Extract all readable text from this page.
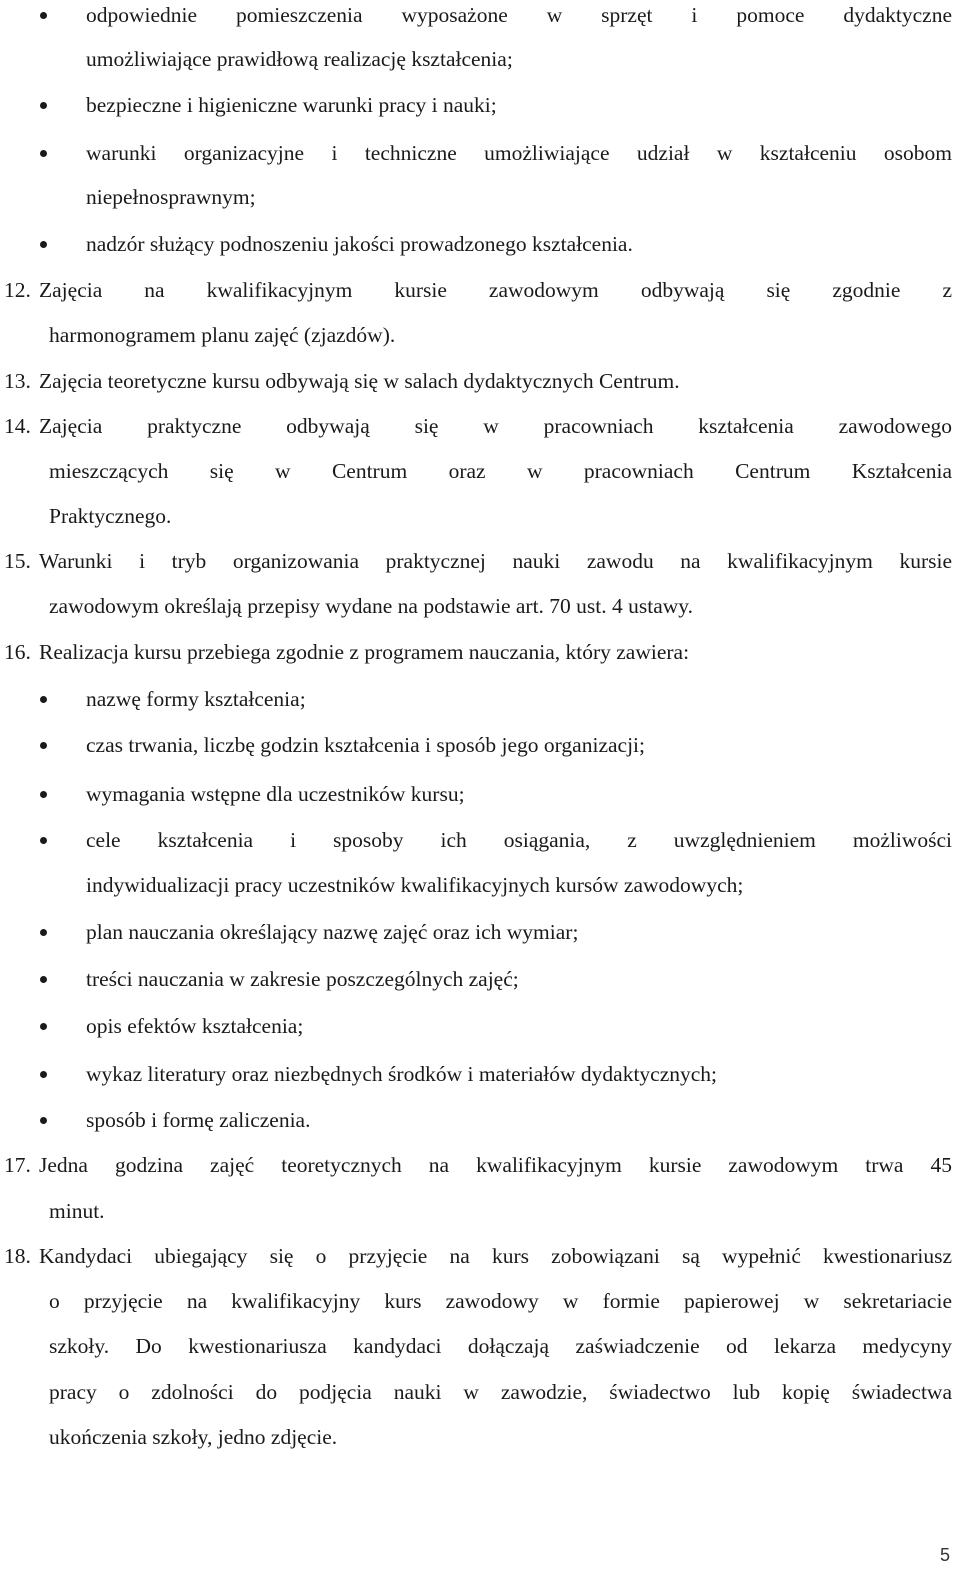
odpowiednie pomieszczenia wyposażone w sprzęt i pomoce dydaktyczne
umożliwiające prawidłową realizację kształcenia;
bezpieczne i higieniczne warunki pracy i nauki;
warunki organizacyjne i techniczne umożliwiające udział w kształceniu osobom
niepełnosprawnym;
nadzór służący podnoszeniu jakości prowadzonego kształcenia.
12. Zajęcia na kwalifikacyjnym kursie zawodowym odbywają się zgodnie z
harmonogramem planu zajęć (zjazdów).
13. Zajęcia teoretyczne kursu odbywają się w salach dydaktycznych Centrum.
14. Zajęcia praktyczne odbywają się w pracowniach kształcenia zawodowego
mieszczących się w Centrum oraz w pracowniach Centrum Kształcenia
Praktycznego.
15. Warunki i tryb organizowania praktycznej nauki zawodu na kwalifikacyjnym kursie
zawodowym określają przepisy wydane na podstawie art. 70 ust. 4 ustawy.
16. Realizacja kursu przebiega zgodnie z programem nauczania, który zawiera:
nazwę formy kształcenia;
czas trwania, liczbę godzin kształcenia i sposób jego organizacji;
wymagania wstępne dla uczestników kursu;
cele kształcenia i sposoby ich osiągania, z uwzględnieniem możliwości
indywidualizacji pracy uczestników kwalifikacyjnych kursów zawodowych;
plan nauczania określający nazwę zajęć oraz ich wymiar;
treści nauczania w zakresie poszczególnych zajęć;
opis efektów kształcenia;
wykaz literatury oraz niezbędnych środków i materiałów dydaktycznych;
sposób i formę zaliczenia.
17. Jedna godzina zajęć teoretycznych na kwalifikacyjnym kursie zawodowym trwa 45
minut.
18. Kandydaci ubiegający się o przyjęcie na kurs zobowiązani są wypełnić kwestionariusz
o przyjęcie na kwalifikacyjny kurs zawodowy w formie papierowej w sekretariacie
szkoły. Do kwestionariusza kandydaci dołączają zaświadczenie od lekarza medycyny
pracy o zdolności do podjęcia nauki w zawodzie, świadectwo lub kopię świadectwa
ukończenia szkoły, jedno zdjęcie.
5
